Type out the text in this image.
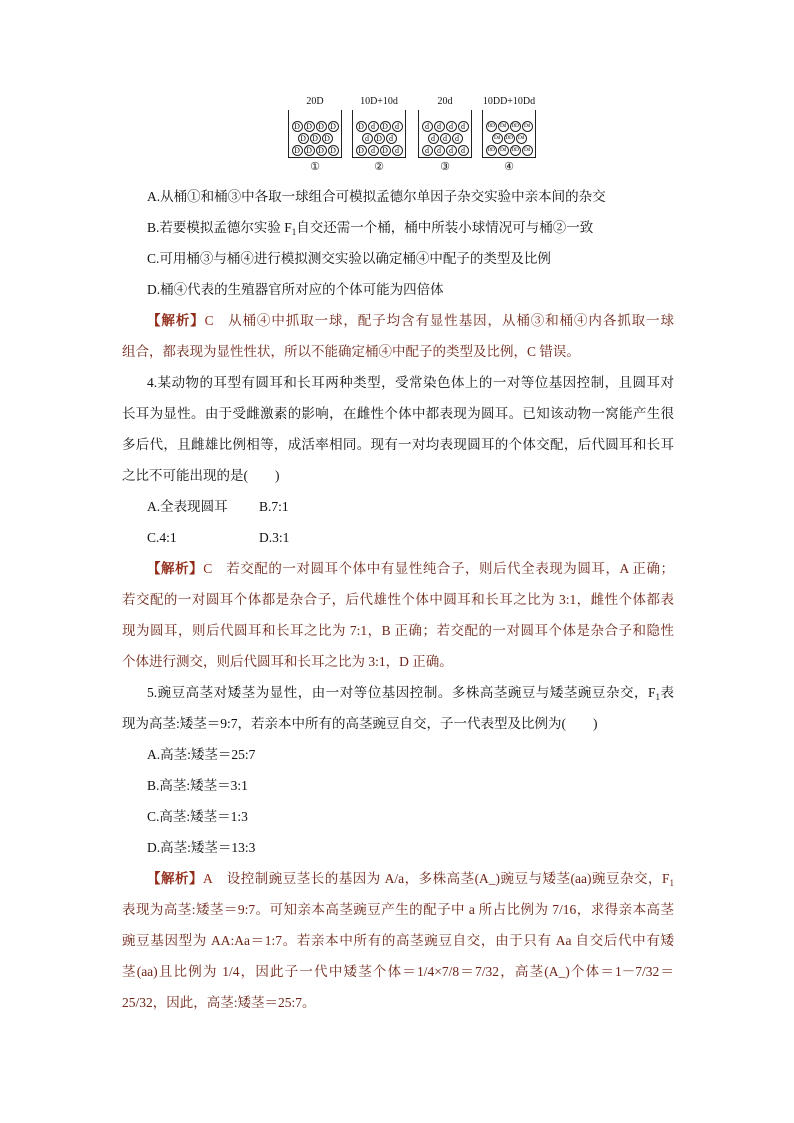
20D
D D D D
D D D
D D D D
①
10D+10d
D d D d
d D d
D d D d
②
20d
d	d	d	d
d	d	d
d	d	d	d
③
10DD+10Dd
DD Dd DD Dd
Dd DD Dd
DD Dd DD Dd
④
A.从桶①和桶③中各取一球组合可模拟孟德尔单因子杂交实验中亲本间的杂交
B.若要模拟孟德尔实验 $F_1$自交还需一个桶，桶中所装小球情况可与桶②一致
C.可用桶③与桶④进行模拟测交实验以确定桶④中配子的类型及比例
D.桶④代表的生殖器官所对应的个体可能为四倍体
【解析】C 从桶④中抓取一球，配子均含有显性基因，从桶③和桶④内各抓取一球
组合，都表现为显性性状，所以不能确定桶④中配子的类型及比例，C 错误。
4.某动物的耳型有圆耳和长耳两种类型，受常染色体上的一对等位基因控制，且圆耳对
长耳为显性。由于受雌激素的影响，在雌性个体中都表现为圆耳。已知该动物一窝能产生很
多后代，且雌雄比例相等，成活率相同。现有一对均表现圆耳的个体交配，后代圆耳和长耳
之比不可能出现的是(　　)
A.全表现圆耳 B.7:1
C.4:1	D.3:1
【解析】C 若交配的一对圆耳个体中有显性纯合子，则后代全表现为圆耳，A 正确；
若交配的一对圆耳个体都是杂合子，后代雄性个体中圆耳和长耳之比为 3:1，雌性个体都表
现为圆耳，则后代圆耳和长耳之比为 7:1，B 正确；若交配的一对圆耳个体是杂合子和隐性
个体进行测交，则后代圆耳和长耳之比为 3:1，D 正确。
5.豌豆高茎对矮茎为显性，由一对等位基因控制。多株高茎豌豆与矮茎豌豆杂交，$F_1$表
现为高茎:矮茎＝9:7，若亲本中所有的高茎豌豆自交，子一代表型及比例为(　　)
A.高茎:矮茎＝25:7
B.高茎:矮茎＝3:1
C.高茎:矮茎＝1:3
D.高茎:矮茎＝13:3
【解析】A 设控制豌豆茎长的基因为 A/a，多株高茎(A_)豌豆与矮茎(aa)豌豆杂交，$F_1$
表现为高茎:矮茎＝9:7。可知亲本高茎豌豆产生的配子中 a 所占比例为 7/16，求得亲本高茎
豌豆基因型为 AA:Aa＝1:7。若亲本中所有的高茎豌豆自交，由于只有 Aa 自交后代中有矮
茎(aa)且比例为 1/4，因此子一代中矮茎个体＝1/4×7/8＝7/32，高茎(A_)个体＝1－7/32＝
25/32，因此，高茎:矮茎＝25:7。
